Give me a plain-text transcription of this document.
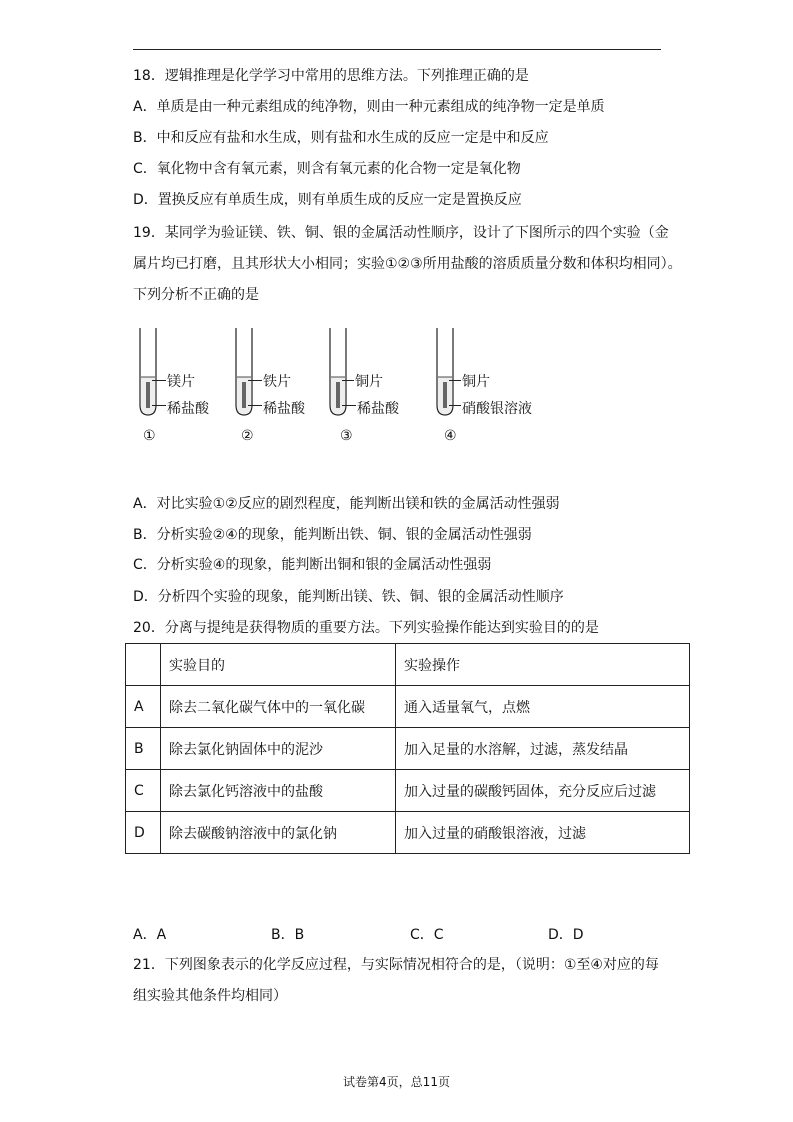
18．逻辑推理是化学学习中常用的思维方法。下列推理正确的是
A．单质是由一种元素组成的纯净物，则由一种元素组成的纯净物一定是单质
B．中和反应有盐和水生成，则有盐和水生成的反应一定是中和反应
C．氧化物中含有氧元素，则含有氧元素的化合物一定是氧化物
D．置换反应有单质生成，则有单质生成的反应一定是置换反应
19．某同学为验证镁、铁、铜、银的金属活动性顺序，设计了下图所示的四个实验（金
属片均已打磨，且其形状大小相同；实验①②③所用盐酸的溶质质量分数和体积均相同）。
下列分析不正确的是
镁片
稀盐酸
①
铁片
稀盐酸
②
铜片
稀盐酸
③
铜片
硝酸银溶液
④
A．对比实验①②反应的剧烈程度，能判断出镁和铁的金属活动性强弱
B．分析实验②④的现象，能判断出铁、铜、银的金属活动性强弱
C．分析实验④的现象，能判断出铜和银的金属活动性强弱
D．分析四个实验的现象，能判断出镁、铁、铜、银的金属活动性顺序
20．分离与提纯是获得物质的重要方法。下列实验操作能达到实验目的的是
	实验目的	实验操作
A	除去二氧化碳气体中的一氧化碳	通入适量氧气，点燃
B	除去氯化钠固体中的泥沙	加入足量的水溶解，过滤，蒸发结晶
C	除去氯化钙溶液中的盐酸	加入过量的碳酸钙固体，充分反应后过滤
D	除去碳酸钠溶液中的氯化钠	加入过量的硝酸银溶液，过滤
A．A	B．B	C．C	D．D
21．下列图象表示的化学反应过程，与实际情况相符合的是，（说明：①至④对应的每
组实验其他条件均相同）
试卷第4页，总11页
